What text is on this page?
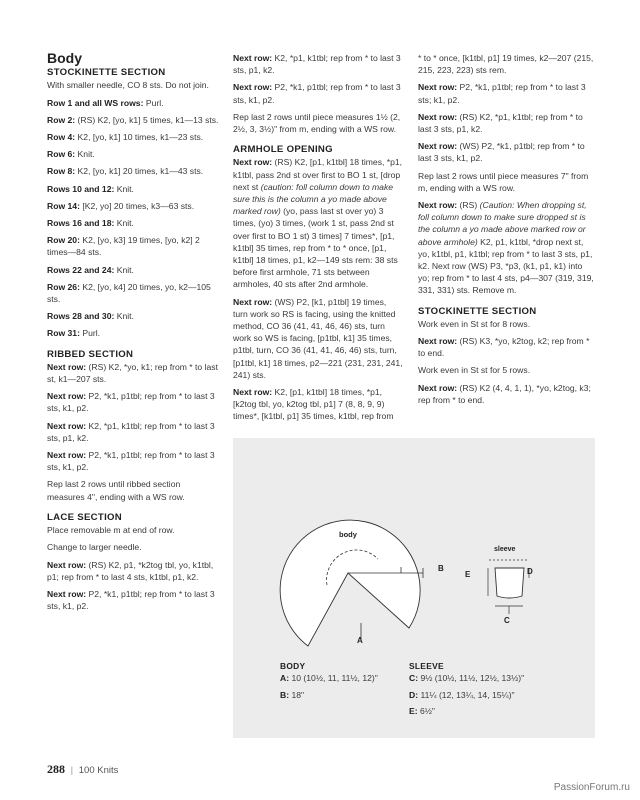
Body
STOCKINETTE SECTION

With smaller needle, CO 8 sts. Do not join.

Row 1 and all WS rows: Purl.

Row 2: (RS) K2, [yo, k1] 5 times, k1—13 sts.

Row 4: K2, [yo, k1] 10 times, k1—23 sts.

Row 6: Knit.

Row 8: K2, [yo, k1] 20 times, k1—43 sts.

Rows 10 and 12: Knit.

Row 14: [K2, yo] 20 times, k3—63 sts.

Rows 16 and 18: Knit.

Row 20: K2, [yo, k3] 19 times, [yo, k2] 2 times—84 sts.

Rows 22 and 24: Knit.

Row 26: K2, [yo, k4] 20 times, yo, k2—105 sts.

Rows 28 and 30: Knit.

Row 31: Purl.

RIBBED SECTION

Next row: (RS) K2, *yo, k1; rep from * to last st, k1—207 sts.

Next row: P2, *k1, p1tbl; rep from * to last 3 sts, k1, p2.

Next row: K2, *p1, k1tbl; rep from * to last 3 sts, p1, k2.

Next row: P2, *k1, p1tbl; rep from * to last 3 sts, k1, p2.

Rep last 2 rows until ribbed section measures 4", ending with a WS row.

LACE SECTION

Place removable m at end of row.

Change to larger needle.

Next row: (RS) K2, p1, *k2tog tbl, yo, k1tbl, p1; rep from * to last 4 sts, k1tbl, p1, k2.

Next row: P2, *k1, p1tbl; rep from * to last 3 sts, k1, p2.

Next row: K2, *p1, k1tbl; rep from * to last 3 sts, p1, k2.

Next row: P2, *k1, p1tbl; rep from * to last 3 sts, k1, p2.

Rep last 2 rows until piece measures 1½ (2, 2½, 3, 3½)" from m, ending with a WS row.

ARMHOLE OPENING

Next row: (RS) K2, [p1, k1tbl] 18 times, *p1, k1tbl, pass 2nd st over first to BO 1 st, [drop next st (caution: foll column down to make sure this is the column a yo made above marked row) (yo, pass last st over yo) 3 times, (yo) 3 times, (work 1 st, pass 2nd st over first to BO 1 st) 3 times] 7 times*, [p1, k1tbl] 35 times, rep from * to * once, [p1, k1tbl] 18 times, p1, k2—149 sts rem: 38 sts before first armhole, 71 sts between armholes, 40 sts after 2nd armhole.

Next row: (WS) P2, [k1, p1tbl] 19 times, turn work so RS is facing, using the knitted method, CO 36 (41, 41, 46, 46) sts, turn work so WS is facing, [p1tbl, k1] 35 times, p1tbl, turn, CO 36 (41, 41, 46, 46) sts, turn, [p1tbl, k1] 18 times, p2—221 (231, 231, 241, 241) sts.

Next row: K2, [p1, k1tbl] 18 times, *p1, [k2tog tbl, yo, k2tog tbl, p1] 7 (8, 8, 9, 9) times*, [k1tbl, p1] 35 times, k1tbl, rep from

* to * once, [k1tbl, p1] 19 times, k2—207 (215, 215, 223, 223) sts rem.

Next row: P2, *k1, p1tbl; rep from * to last 3 sts; k1, p2.

Next row: (RS) K2, *p1, k1tbl; rep from * to last 3 sts, p1, k2.

Next row: (WS) P2, *k1, p1tbl; rep from * to last 3 sts, k1, p2.

Rep last 2 rows until piece measures 7" from m, ending with a WS row.

Next row: (RS) (Caution: When dropping st, foll column down to make sure dropped st is the column a yo made above marked row or above armhole) K2, p1, k1tbl, *drop next st, yo, k1tbl, p1, k1tbl; rep from * to last 3 sts, p1, k2. Next row (WS) P3, *p3, (k1, p1, k1) into yo; rep from * to last 4 sts, p4—307 (319, 319, 331, 331) sts. Remove m.

STOCKINETTE SECTION

Work even in St st for 8 rows.

Next row: (RS) K3, *yo, k2tog, k2; rep from * to end.

Work even in St st for 5 rows.

Next row: (RS) K2 (4, 4, 1, 1), *yo, k2tog, k3; rep from * to end.

body
B
A
sleeve
E	D
C
BODY
A: 10 (10½, 11, 11½, 12)"
B: 18"
SLEEVE
C: 9½ (10½, 11½, 12½, 13½)"
D: 11¼ (12, 13¼, 14, 15¼)"
E: 6½"
288 | 100 Knits
PassionForum.ru
